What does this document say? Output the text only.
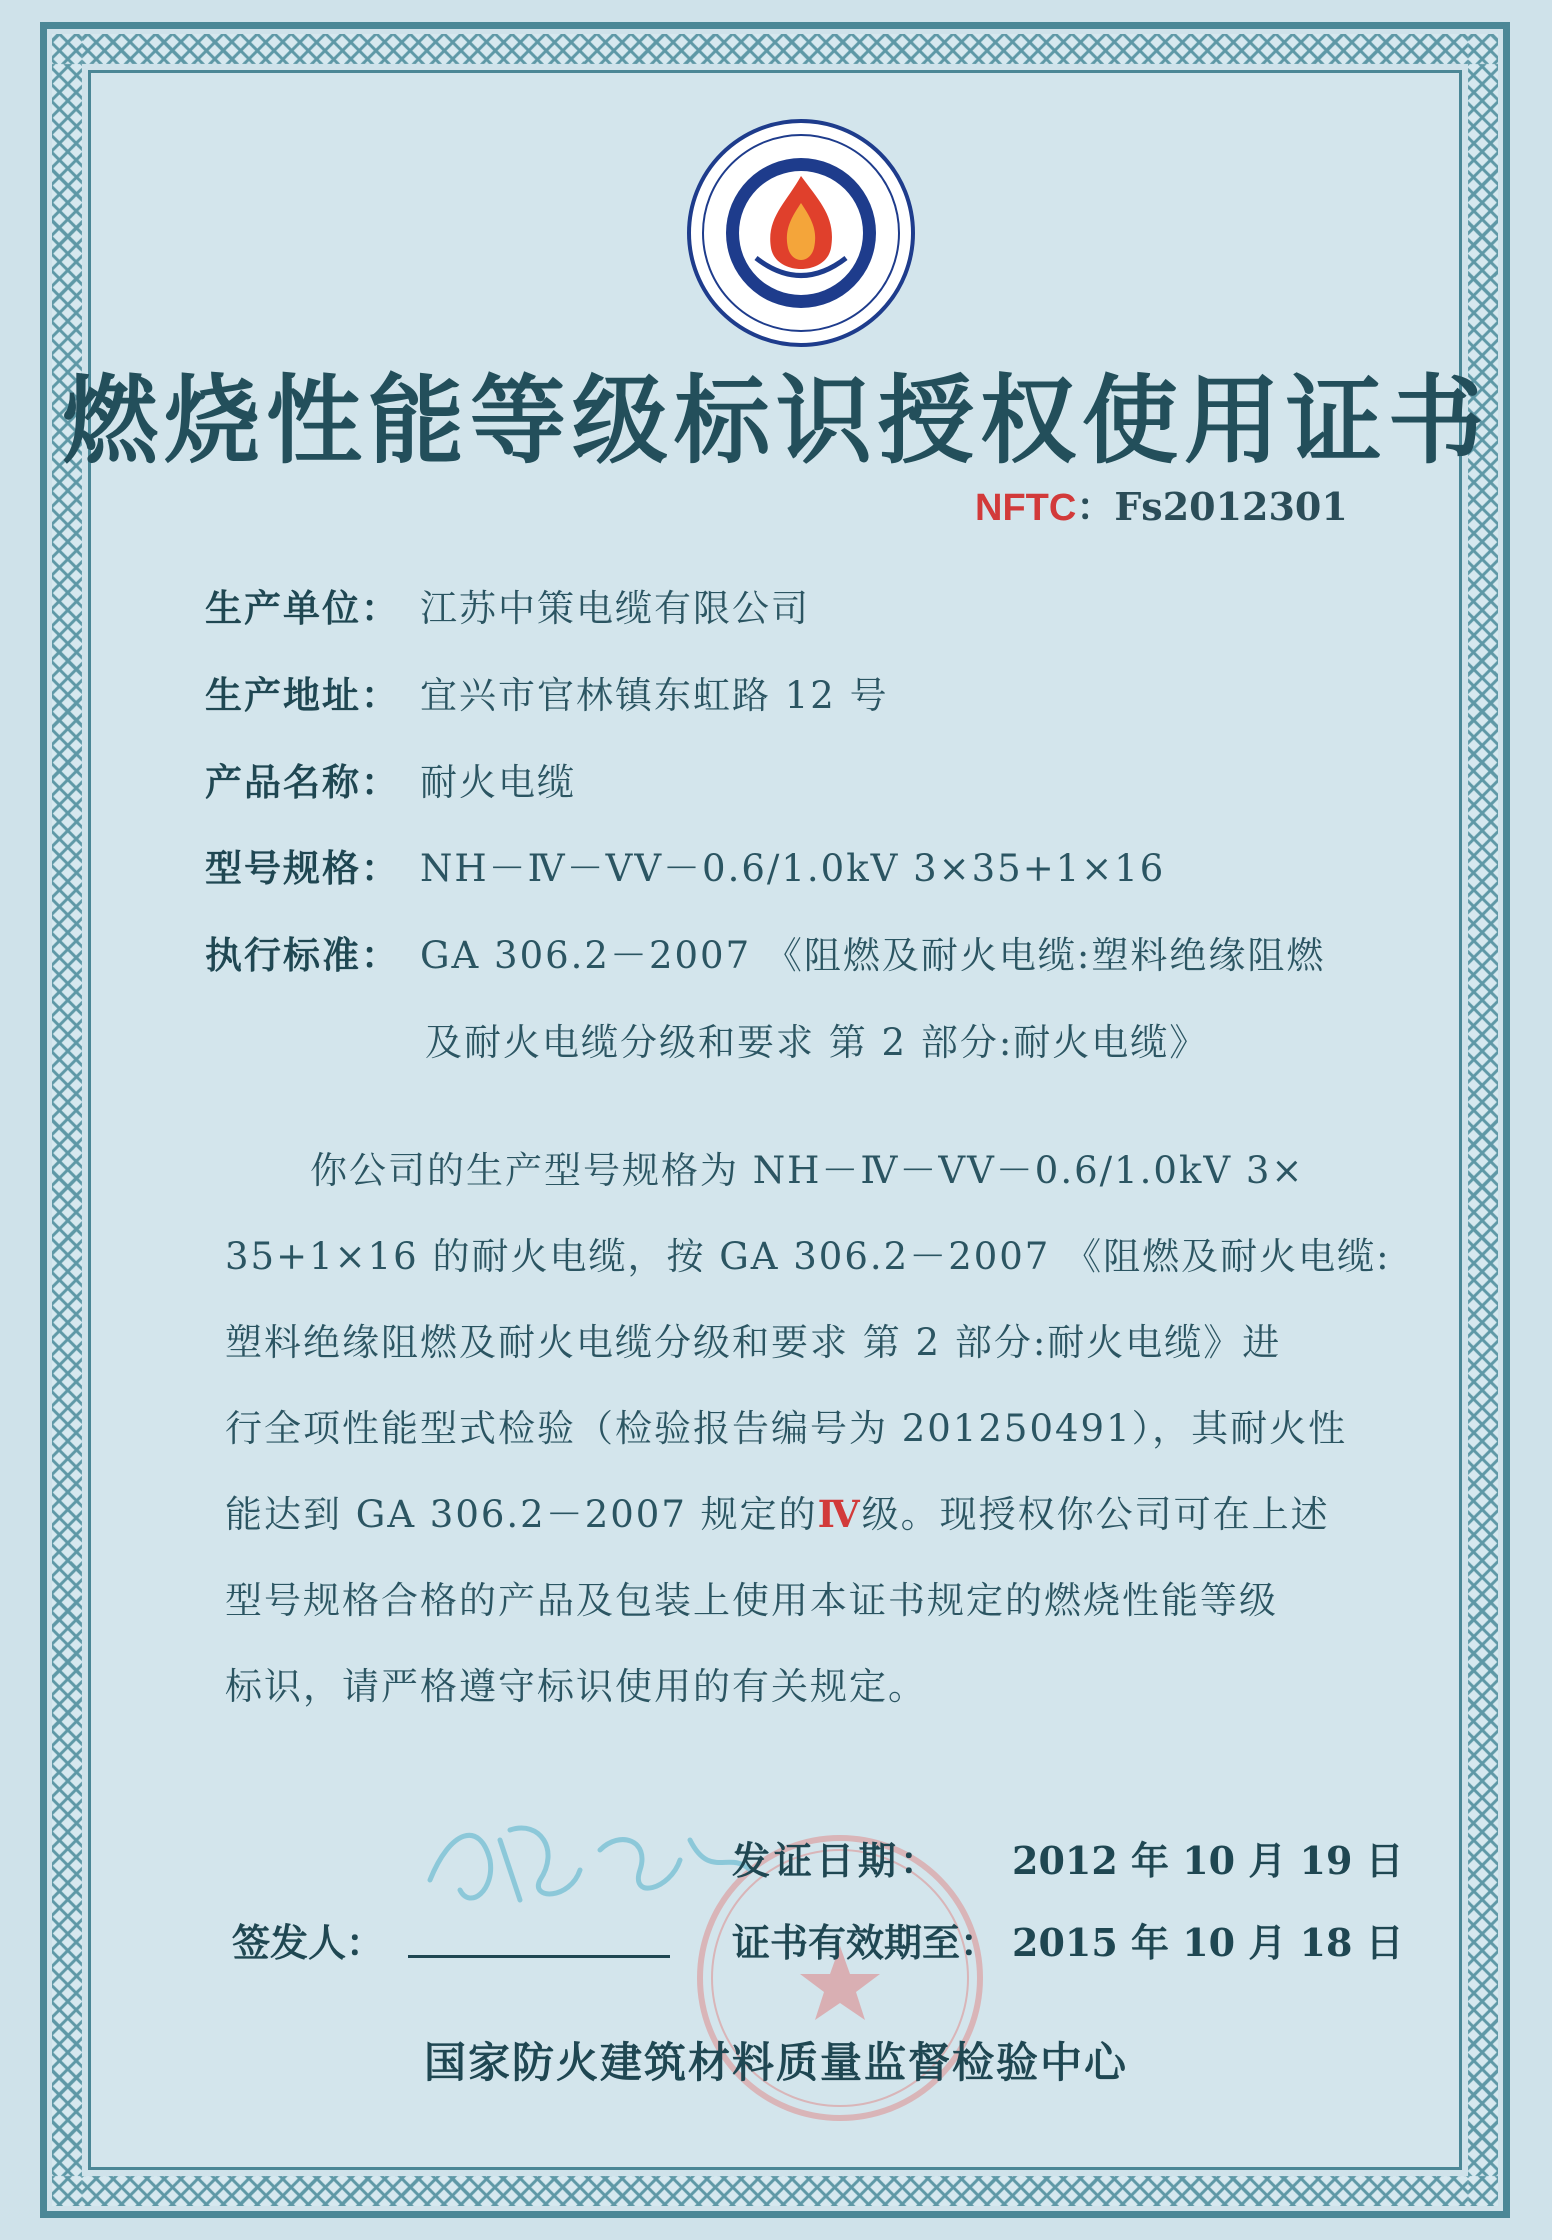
燃烧性能等级标识授权使用证书
NFTC：Fs2012301
生产单位： 江苏中策电缆有限公司
生产地址： 宜兴市官林镇东虹路 12 号
产品名称： 耐火电缆
型号规格： NH－Ⅳ－VV－0.6/1.0kV 3×35+1×16
执行标准： GA 306.2－2007 《阻燃及耐火电缆:塑料绝缘阻燃
及耐火电缆分级和要求 第 2 部分:耐火电缆》
你公司的生产型号规格为 NH－Ⅳ－VV－0.6/1.0kV 3×
35+1×16 的耐火电缆，按 GA 306.2－2007 《阻燃及耐火电缆:
塑料绝缘阻燃及耐火电缆分级和要求 第 2 部分:耐火电缆》进
行全项性能型式检验（检验报告编号为 201250491），其耐火性
能达到 GA 306.2－2007 规定的Ⅳ级。现授权你公司可在上述
型号规格合格的产品及包装上使用本证书规定的燃烧性能等级
标识，请严格遵守标识使用的有关规定。
签发人：
发证日期： 2012 年 10 月 19 日
证书有效期至： 2015 年 10 月 18 日
国家防火建筑材料质量监督检验中心
